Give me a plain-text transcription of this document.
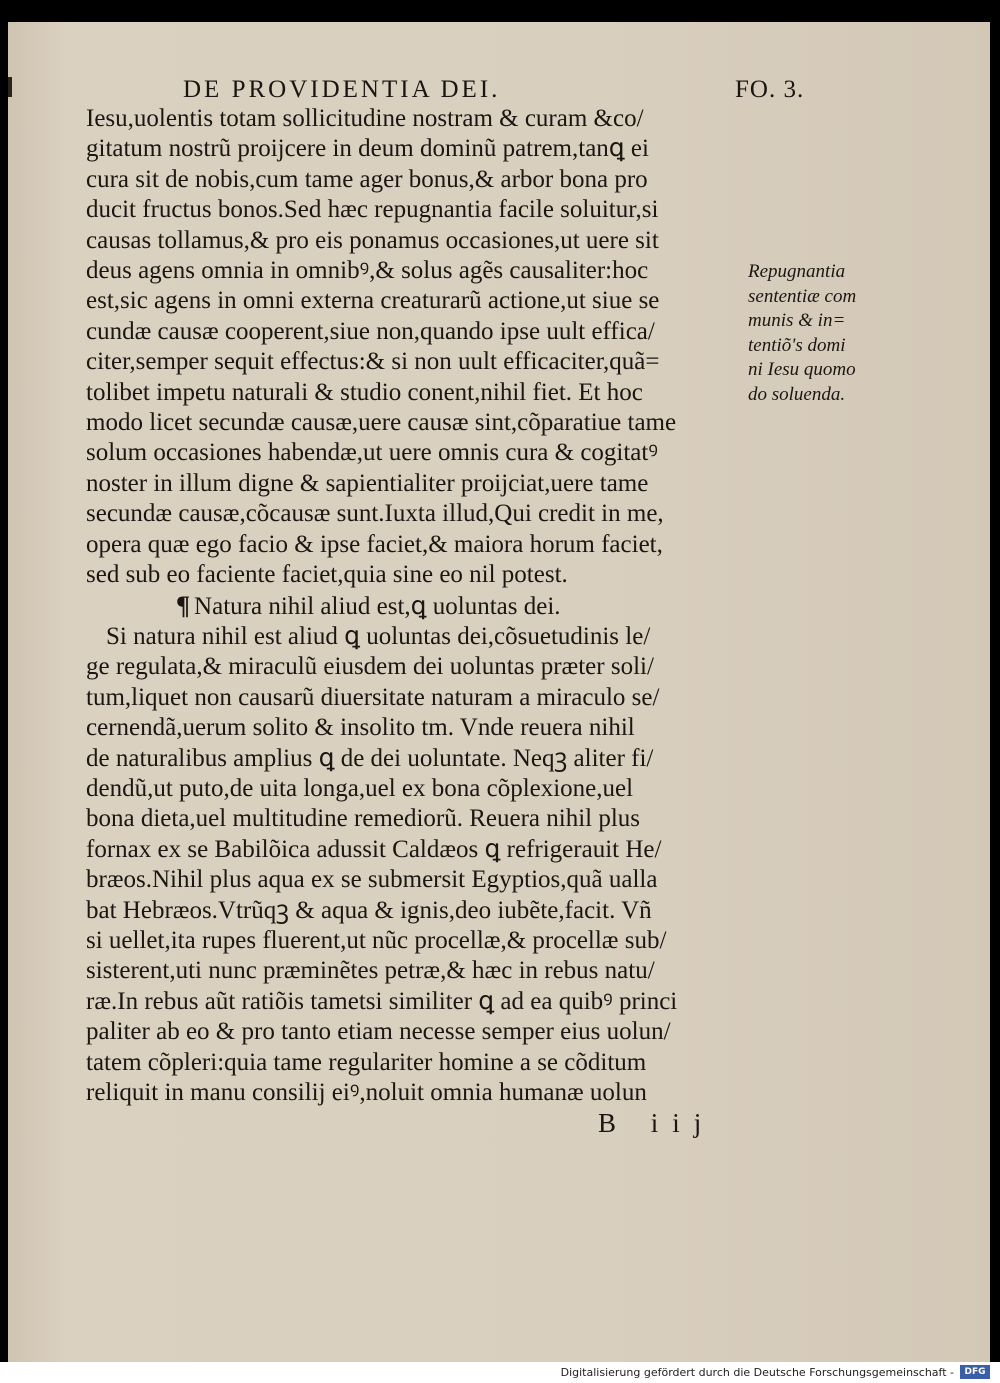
DE PROVIDENTIA DEI.	FO. 3.
Iesu,uolentis totam sollicitudine nostram & curam &co/
gitatum nostrũ proijcere in deum dominũ patrem,tanꝗ ei
cura sit de nobis,cum tame ager bonus,& arbor bona pro
ducit fructus bonos.Sed hæc repugnantia facile soluitur,si
causas tollamus,& pro eis ponamus occasiones,ut uere sit
deus agens omnia in omnibꝰ,& solus agẽs causaliter:hoc
est,sic agens in omni externa creaturarũ actione,ut siue se
cundæ causæ cooperent,siue non,quando ipse uult effica/
citer,semper sequit effectus:& si non uult efficaciter,quã=
tolibet impetu naturali & studio conent,nihil fiet. Et hoc
modo licet secundæ causæ,uere causæ sint,cõparatiue tame
solum occasiones habendæ,ut uere omnis cura & cogitatꝰ
noster in illum digne & sapientialiter proijciat,uere tame
secundæ causæ,cõcausæ sunt.Iuxta illud,Qui credit in me,
opera quæ ego facio & ipse faciet,& maiora horum faciet,
sed sub eo faciente faciet,quia sine eo nil potest.
¶ Natura nihil aliud est,ꝗ uoluntas dei.
Si natura nihil est aliud ꝗ uoluntas dei,cõsuetudinis le/
ge regulata,& miraculũ eiusdem dei uoluntas præter soli/
tum,liquet non causarũ diuersitate naturam a miraculo se/
cernendã,uerum solito & insolito tm. Vnde reuera nihil
de naturalibus amplius ꝗ de dei uoluntate. Neqꝫ aliter fi/
dendũ,ut puto,de uita longa,uel ex bona cõplexione,uel
bona dieta,uel multitudine remediorũ. Reuera nihil plus
fornax ex se Babilõica adussit Caldæos ꝗ refrigerauit He/
bræos.Nihil plus aqua ex se submersit Egyptios,quã ualla
bat Hebræos.Vtrũqꝫ & aqua & ignis,deo iubẽte,facit. Vñ
si uellet,ita rupes fluerent,ut nũc procellæ,& procellæ sub/
sisterent,uti nunc præminẽtes petræ,& hæc in rebus natu/
ræ.In rebus aũt ratiõis tametsi similiter ꝗ ad ea quibꝰ princi
paliter ab eo & pro tanto etiam necesse semper eius uolun/
tatem cõpleri:quia tame regulariter homine a se cõditum
reliquit in manu consilij eiꝰ,noluit omnia humanæ uolun
Repugnantia
sententiæ com
munis & in=
tentiõ's domi
ni Iesu quomo
do soluenda.
B iij
Digitalisierung gefördert durch die Deutsche Forschungsgemeinschaft -	DFG
